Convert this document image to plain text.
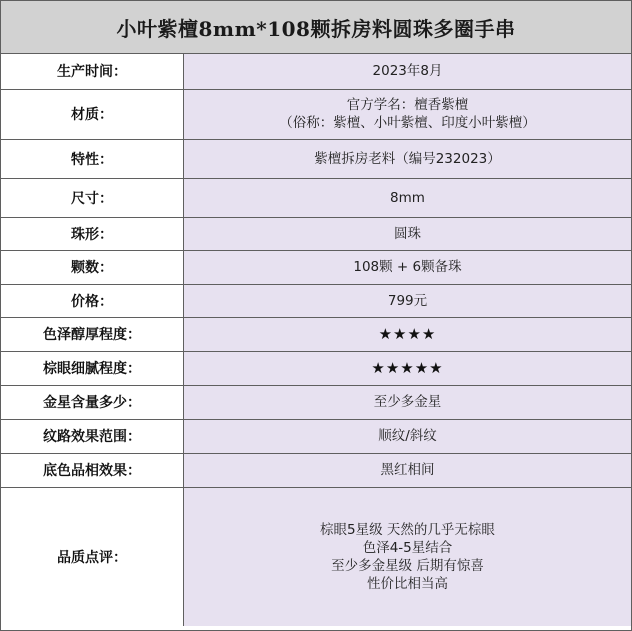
小叶紫檀8mm*108颗拆房料圆珠多圈手串
生产时间：	2023年8月

材质：	官方学名：檀香紫檀
（俗称：紫檀、小叶紫檀、印度小叶紫檀）

特性：	紫檀拆房老料（编号232023）

尺寸：	8mm

珠形：	圆珠

颗数：	108颗 + 6颗备珠

价格：	799元

色泽醇厚程度：	★★★★

棕眼细腻程度：	★★★★★

金星含量多少：	至少多金星

纹路效果范围：	顺纹/斜纹

底色品相效果：	黑红相间

品质点评：	棕眼5星级 天然的几乎无棕眼
色泽4-5星结合
至少多金星级 后期有惊喜
性价比相当高
